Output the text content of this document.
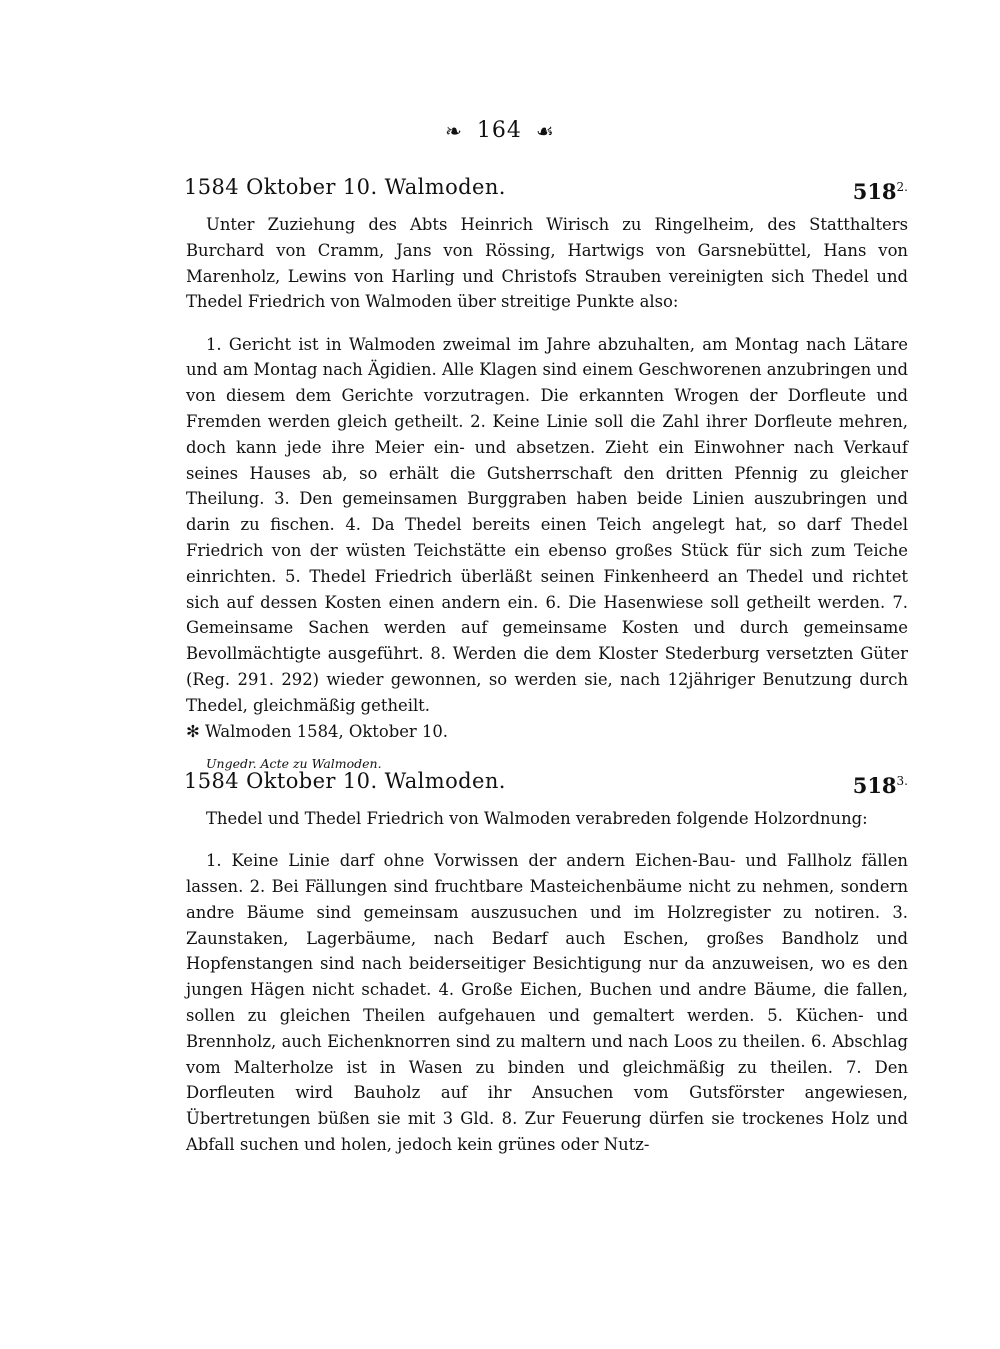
❧ 164 ☙
1584 Oktober 10. Walmoden.	$518^{2.}$

Unter Zuziehung des Abts Heinrich Wirisch zu Ringelheim, des Statthalters Burchard von Cramm, Jans von Rössing, Hartwigs von Garsnebüttel, Hans von Marenholz, Lewins von Harling und Christofs Strauben vereinigten sich Thedel und Thedel Friedrich von Walmoden über streitige Punkte also:

1. Gericht ist in Walmoden zweimal im Jahre abzuhalten, am Montag nach Lätare und am Montag nach Ägidien. Alle Klagen sind einem Geschworenen anzubringen und von diesem dem Gerichte vorzutragen. Die erkannten Wrogen der Dorfleute und Fremden werden gleich getheilt. 2. Keine Linie soll die Zahl ihrer Dorfleute mehren, doch kann jede ihre Meier ein- und absetzen. Zieht ein Einwohner nach Verkauf seines Hauses ab, so erhält die Gutsherrschaft den dritten Pfennig zu gleicher Theilung. 3. Den gemeinsamen Burggraben haben beide Linien auszubringen und darin zu fischen. 4. Da Thedel bereits einen Teich angelegt hat, so darf Thedel Friedrich von der wüsten Teichstätte ein ebenso großes Stück für sich zum Teiche einrichten. 5. Thedel Friedrich überläßt seinen Finkenheerd an Thedel und richtet sich auf dessen Kosten einen andern ein. 6. Die Hasenwiese soll getheilt werden. 7. Gemeinsame Sachen werden auf gemeinsame Kosten und durch gemeinsame Bevollmächtigte ausgeführt. 8. Werden die dem Kloster Stederburg versetzten Güter (Reg. 291. 292) wieder gewonnen, so werden sie, nach 12jähriger Benutzung durch Thedel, gleichmäßig getheilt.

✻ Walmoden 1584, Oktober 10.
Ungedr. Acte zu Walmoden.
1584 Oktober 10. Walmoden.	$518^{3.}$

Thedel und Thedel Friedrich von Walmoden verabreden folgende Holzordnung:

1. Keine Linie darf ohne Vorwissen der andern Eichen-Bau- und Fallholz fällen lassen. 2. Bei Fällungen sind fruchtbare Masteichenbäume nicht zu nehmen, sondern andre Bäume sind gemeinsam auszusuchen und im Holzregister zu notiren. 3. Zaunstaken, Lagerbäume, nach Bedarf auch Eschen, großes Bandholz und Hopfenstangen sind nach beiderseitiger Besichtigung nur da anzuweisen, wo es den jungen Hägen nicht schadet. 4. Große Eichen, Buchen und andre Bäume, die fallen, sollen zu gleichen Theilen aufgehauen und gemaltert werden. 5. Küchen- und Brennholz, auch Eichenknorren sind zu maltern und nach Loos zu theilen. 6. Abschlag vom Malterholze ist in Wasen zu binden und gleichmäßig zu theilen. 7. Den Dorfleuten wird Bauholz auf ihr Ansuchen vom Gutsförster angewiesen, Übertretungen büßen sie mit 3 Gld. 8. Zur Feuerung dürfen sie trockenes Holz und Abfall suchen und holen, jedoch kein grünes oder Nutz-
